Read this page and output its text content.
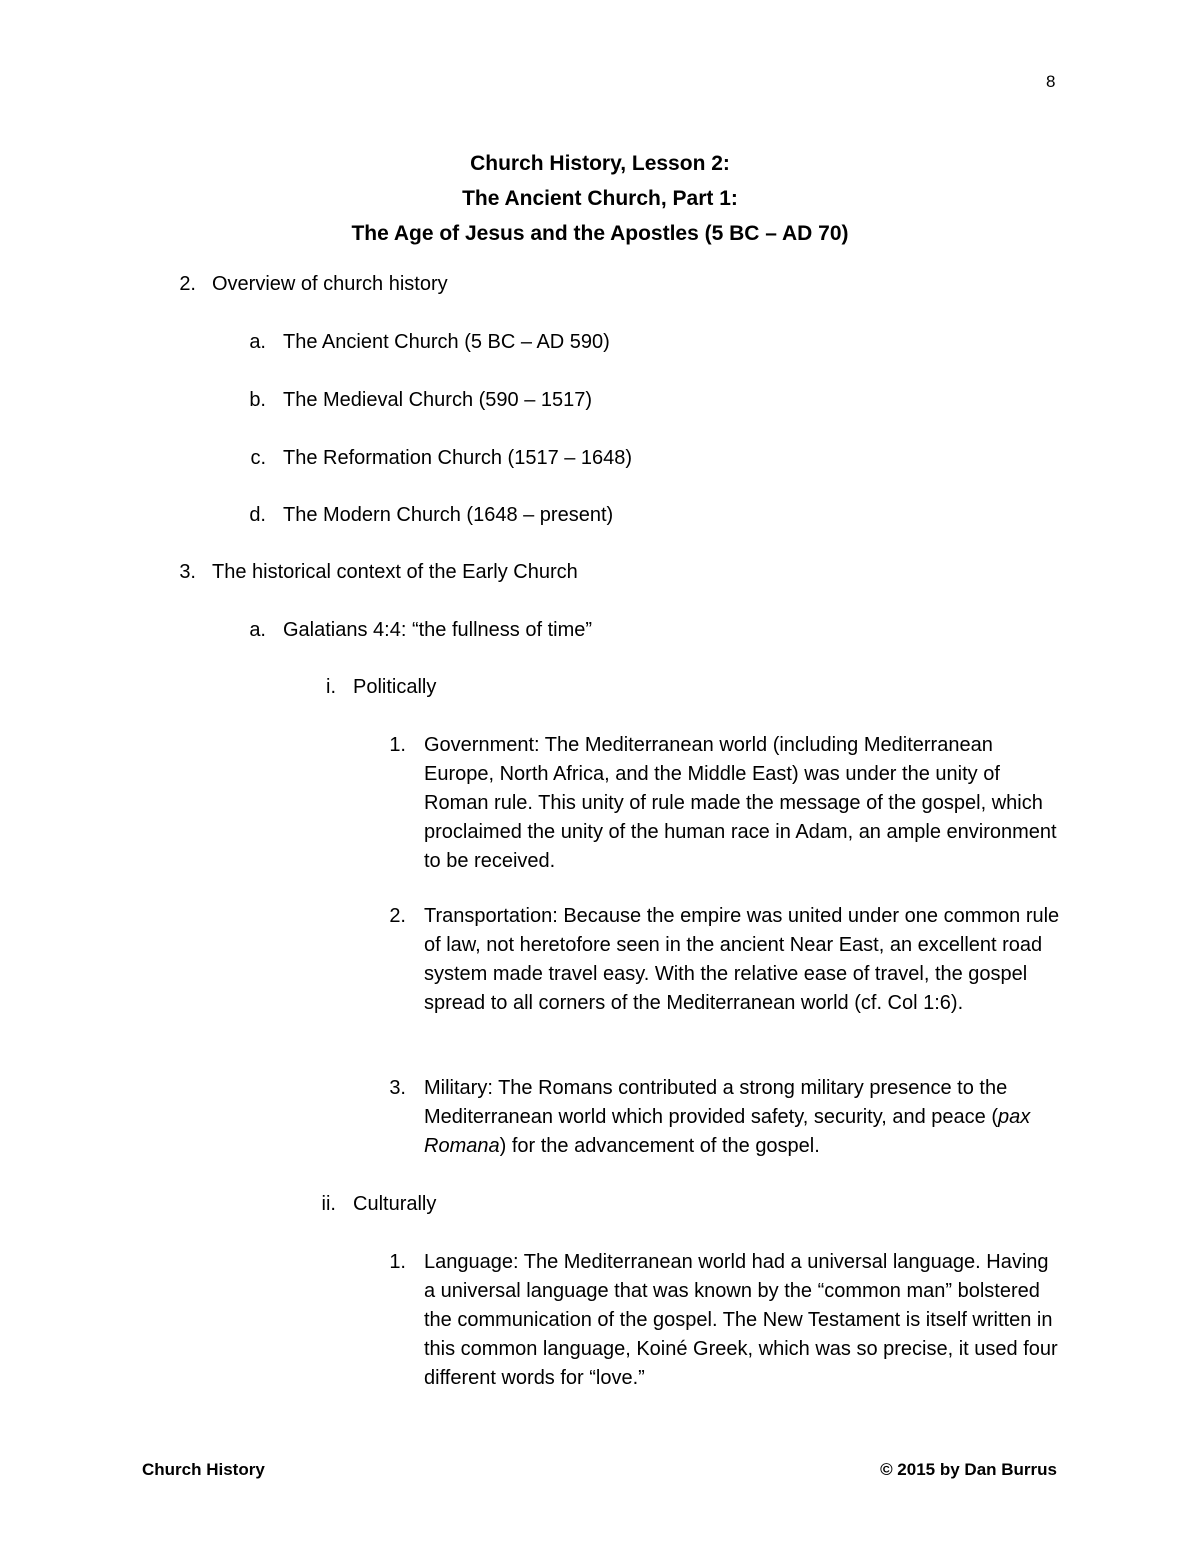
8
Church History, Lesson 2:
The Ancient Church, Part 1:
The Age of Jesus and the Apostles (5 BC – AD 70)
2. Overview of church history
a. The Ancient Church (5 BC – AD 590)
b. The Medieval Church (590 – 1517)
c. The Reformation Church (1517 – 1648)
d. The Modern Church (1648 – present)
3. The historical context of the Early Church
a. Galatians 4:4: “the fullness of time”
i. Politically
1. Government: The Mediterranean world (including Mediterranean Europe, North Africa, and the Middle East) was under the unity of Roman rule. This unity of rule made the message of the gospel, which proclaimed the unity of the human race in Adam, an ample environment to be received.
2. Transportation: Because the empire was united under one common rule of law, not heretofore seen in the ancient Near East, an excellent road system made travel easy. With the relative ease of travel, the gospel spread to all corners of the Mediterranean world (cf. Col 1:6).
3. Military: The Romans contributed a strong military presence to the Mediterranean world which provided safety, security, and peace (pax Romana) for the advancement of the gospel.
ii. Culturally
1. Language: The Mediterranean world had a universal language. Having a universal language that was known by the “common man” bolstered the communication of the gospel. The New Testament is itself written in this common language, Koiné Greek, which was so precise, it used four different words for “love.”
Church History	© 2015 by Dan Burrus
